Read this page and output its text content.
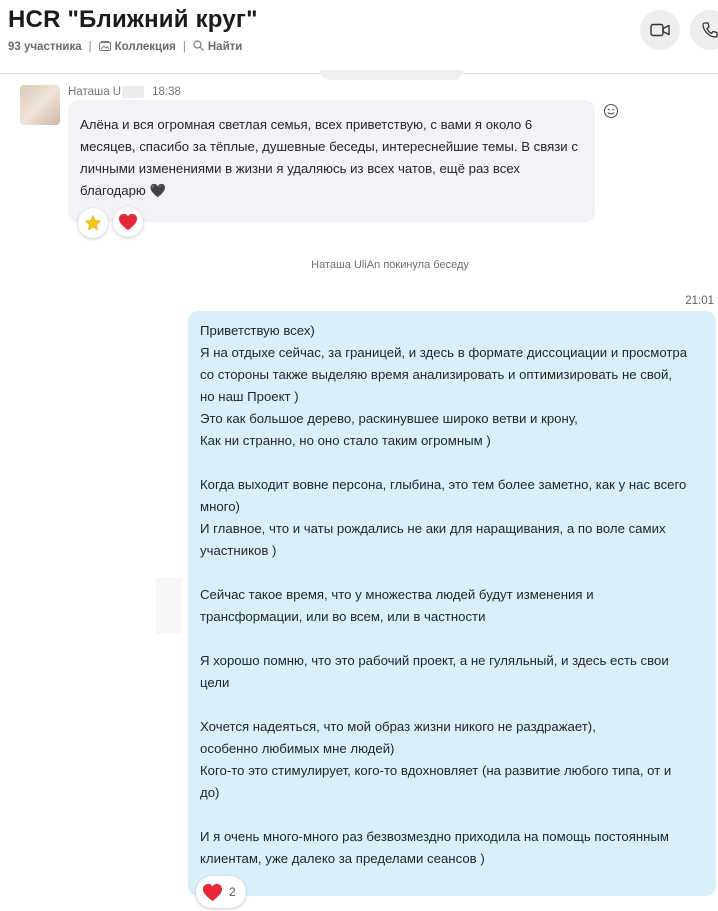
HCR "Ближний круг"
93 участника | Коллекция | Найти
Наташа U	18:38
Алёна и вся огромная светлая семья, всех приветствую, с вами я около 6
месяцев, спасибо за тёплые, душевные беседы, интереснейшие темы. В связи с
личными изменениями в жизни я удаляюсь из всех чатов, ещё раз всех
благодарю 🖤
Наташа UliAn покинула беседу
21:01
Приветствую всех)
Я на отдыхе сейчас, за границей, и здесь в формате диссоциации и просмотра
со стороны также выделяю время анализировать и оптимизировать не свой,
но наш Проект )
Это как большое дерево, раскинувшее широко ветви и крону,
Как ни странно, но оно стало таким огромным )
Когда выходит вовне персона, глыбина, это тем более заметно, как у нас всего
много)
И главное, что и чаты рождались не аки для наращивания, а по воле самих
участников )
Сейчас такое время, что у множества людей будут изменения и
трансформации, или во всем, или в частности
Я хорошо помню, что это рабочий проект, а не гуляльный, и здесь есть свои
цели
Хочется надеяться, что мой образ жизни никого не раздражает),
особенно любимых мне людей)
Кого-то это стимулирует, кого-то вдохновляет (на развитие любого типа, от и
до)
И я очень много-много раз безвозмездно приходила на помощь постоянным
клиентам, уже далеко за пределами сеансов )
2
